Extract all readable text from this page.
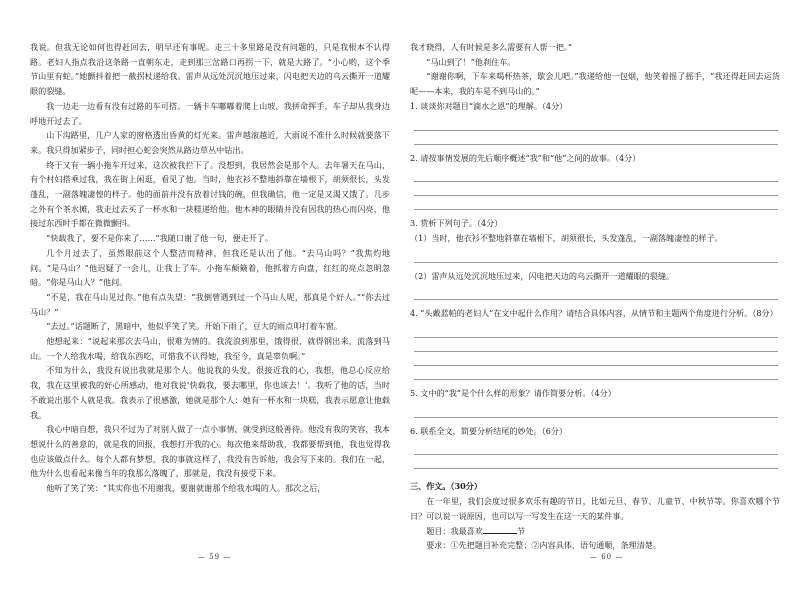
我说。但我无论如何也得赶回去，明早还有事呢。走三十多里路是没有问题的，只是我根本不认得路。老妇人指点我沿这条路一直朝东走，走到那三岔路口再拐一下，就是大路了。“小心哟，这个季节山里有蛇。”她颤抖着把一截拐杖递给我。雷声从远处沉沉地压过来，闪电把天边的乌云撕开一道耀眼的裂缝。

我一边走一边看有没有过路的车可搭。一辆卡车嘟嘟着爬上山坡，我拼命挥手，车子却从我身边呼地开过去了。

山下沟路里，几户人家的窗格透出昏黄的灯光来。雷声越滚越近，大雨说不准什么时候就要落下来。我只得加紧步子，同时担心蛇会突然从路边草丛中钻出。

终于又有一辆小拖车开过来，这次被我拦下了。没想到，我居然会是那个人。去年暑天在马山，有个村妇搭乘过我，我在街上闲逛，看见了他。当时，他衣衫不整地斜靠在墙根下，胡须很长，头发蓬乱，一副落魄凄惶的样子。他的面前并没有放着讨钱的碗，但我确信，他一定是又渴又饿了。几步之外有个茶水摊，我走过去买了一杯水和一块糕递给他。他木神的眼睛并没有因我的热心而闪亮，他接过东西时手都在微微颤抖。

“快载我了，要不是你来了……”我随口谢了他一句，便走开了。

几个月过去了，虽然眼前这个人整洁而精神，但我还是认出了他。“去马山吗？”我焦灼地问。“是马山？”他迟疑了一会儿，让我上了车。小拖车颠簸着，他抓着方向盘，红红的亮点忽明忽暗。“你是马山人？”他问。

“不是，我在马山见过你。”他有点失望：“我倒曾遇到过一个马山人呢，那真是个好人。”“你去过马山？”

“去过。”话题断了，黑暗中，他似乎笑了笑。开始下雨了，豆大的雨点叩打着车窗。

他想起来：“说起来那次去马山，很难为情的。我流浪到那里，饿得很，就得钢出来，流落到马山。一个人给我水喝，给我东西吃，可惜我不认得她，我至今，真是辜负啊。”

不知为什么，我没有说出我就是那个人。他说我的头发，很接近我的心，我想，他总心反应给我，我在这里被我的好心所感动，他对我说‘快载我，要去哪里，你也该去！’。我听了他的话，当时不敢说出那个人就是我。我表示了很感激，她就是那个人：她有一杯水和一块糕，我表示愿意让他载我。

我心中暗自想，我只不过为了对别人做了一点小事情，就受到这般善待。他没有我的笑容，我本想说什么的善意的，就是我的回报，我想打开我的心。每次他来帮助我，我都要帮到他，我也觉得我也应该做点什么。每个人都有梦想，我的事就这样了，我没有告诉他，我会写下来的。我们在一起，他为什么也看起来像当年的我那么落魄了，那就是，我没有接受下来。

他听了笑了笑：“其实你也不用谢我，要谢就谢那个给我水喝的人。那次之后，

— 59 —

我才晓得，人有时候是多么需要有人帮一把。”

“马山到了！”他刹住车。

“谢谢你啊，下车来喝杯热茶，歇会儿吧。”我递给他一包烟，他笑着摇了摇手，“我还得赶回去运货呢——本来，我的车是不到马山的。”

1. 谈谈你对题目“滴水之恩”的理解。（4分）

2. 请按事情发展的先后顺序概述“我”和“他”之间的故事。（4分）

3. 赏析下列句子。（4分）

（1）当时，他衣衫不整地斜靠在墙根下，胡须很长，头发蓬乱，一副落魄凄惶的样子。

（2）雷声从远处沉沉地压过来，闪电把天边的乌云撕开一道耀眼的裂缝。

4. “头戴蓝帕的老妇人”在文中起什么作用？请结合具体内容，从情节和主题两个角度进行分析。（8分）

5. 文中的“我”是个什么样的形象？请作简要分析。（4分）

6. 联系全文，简要分析结尾的妙处。（6分）

三、作文。（30分）

在一年里，我们会度过很多欢乐有趣的节日，比如元旦、春节、儿童节、中秋节等。你喜欢哪个节日？可以说一说原因，也可以写一写发生在这一天的某件事。

题目：我最喜欢	节

要求：①先把题目补充完整；②内容具体，语句通顺，条理清楚。

— 60 —
